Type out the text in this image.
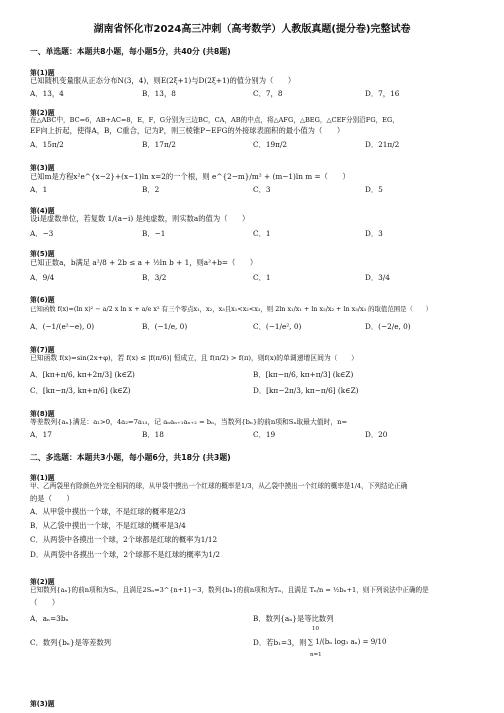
湖南省怀化市2024高三冲刺（高考数学）人教版真题(提分卷)完整试卷
一、单选题：本题共8小题，每小题5分，共40分 (共8题)
第(1)题
已知随机变量服从正态分布N(3，4)，则E(2ξ+1)与D(2ξ+1)的值分别为（　　）
A．13，4	B．13，8	C．7，8	D．7，16
第(2)题
在△ABC中，BC=6，AB+AC=8，E，F，G分别为三边BC，CA，AB的中点，将△AFG，△BEG，△CEF分别沿FG，EG，
EF向上折起，使得A，B，C重合，记为P，则三棱锥P−EFG的外接球表面积的最小值为（　　）
A．15π/2	B．17π/2	C．19π/2	D．21π/2
第(3)题
已知m是方程x²e^{x−2}+(x−1)ln x=2的一个根，则 e^{2−m}/m² + (m−1)ln m =（　　）
A．1	B．2	C．3	D．5
第(4)题
设i是虚数单位，若复数 1/(a−i) 是纯虚数，则实数a的值为（　　）
A．−3	B．−1	C．1	D．3
第(5)题
已知正数a，b满足 a²/8 + 2b ≤ a + ½ln b + 1，则a²+b=（　　）
A．9/4	B．3/2	C．1	D．3/4
第(6)题
已知函数 f(x)=(ln x)² − a/2 x ln x + a/e x² 有三个零点x₁，x₂，x₃且x₁<x₂<x₃，则 2ln x₁/x₁ + ln x₂/x₂ + ln x₃/x₃ 的取值范围是（　　）
A．(−1/(e²−e), 0)	B．(−1/e, 0)	C．(−1/e², 0)	D．(−2/e, 0)
第(7)题
已知函数 f(x)=sin(2x+φ)，若 f(x) ≤ |f(π/6)| 恒成立，且 f(π/2) > f(π)，则f(x)的单调递增区间为（　　）
A．[kπ+π/6, kπ+2π/3] (k∈Z)	B．[kπ−π/6, kπ+π/3] (k∈Z)
C．[kπ−π/3, kπ+π/6] (k∈Z)	D．[kπ−2π/3, kπ−π/6] (k∈Z)
第(8)题
等差数列{aₙ}满足：a₁>0，4a₂=7a₁₃，记 aₙaₙ₊₁aₙ₊₂ = bₙ，当数列{bₙ}的前n项和Sₙ取最大值时，n=
A．17	B．18	C．19	D．20
二、多选题：本题共3小题，每小题6分，共18分 (共3题)
第(1)题
甲、乙两袋里有除颜色外完全相同的球，从甲袋中摸出一个红球的概率是1/3，从乙袋中摸出一个红球的概率是1/4，下列结论正确
的是（　　）
A．从甲袋中摸出一个球，不是红球的概率是2/3
B．从乙袋中摸出一个球，不是红球的概率是3/4
C．从两袋中各摸出一个球，2个球都是红球的概率为1/12
D．从两袋中各摸出一个球，2个球都不是红球的概率为1/2
第(2)题
已知数列{aₙ}的前n项和为Sₙ，且满足2Sₙ=3^{n+1}−3，数列{bₙ}的前n项和为Tₙ，且满足 Tₙ/n = ½bₙ+1，则下列说法中正确的是
（　　）
A．aₙ=3bₙ	B．数列{aₙ}是等比数列
C．数列{bₙ}是等差数列	D．若b₁=3，则
10
n=1
∑ 1/(bₙ log₃ aₙ) = 9/10
第(3)题
